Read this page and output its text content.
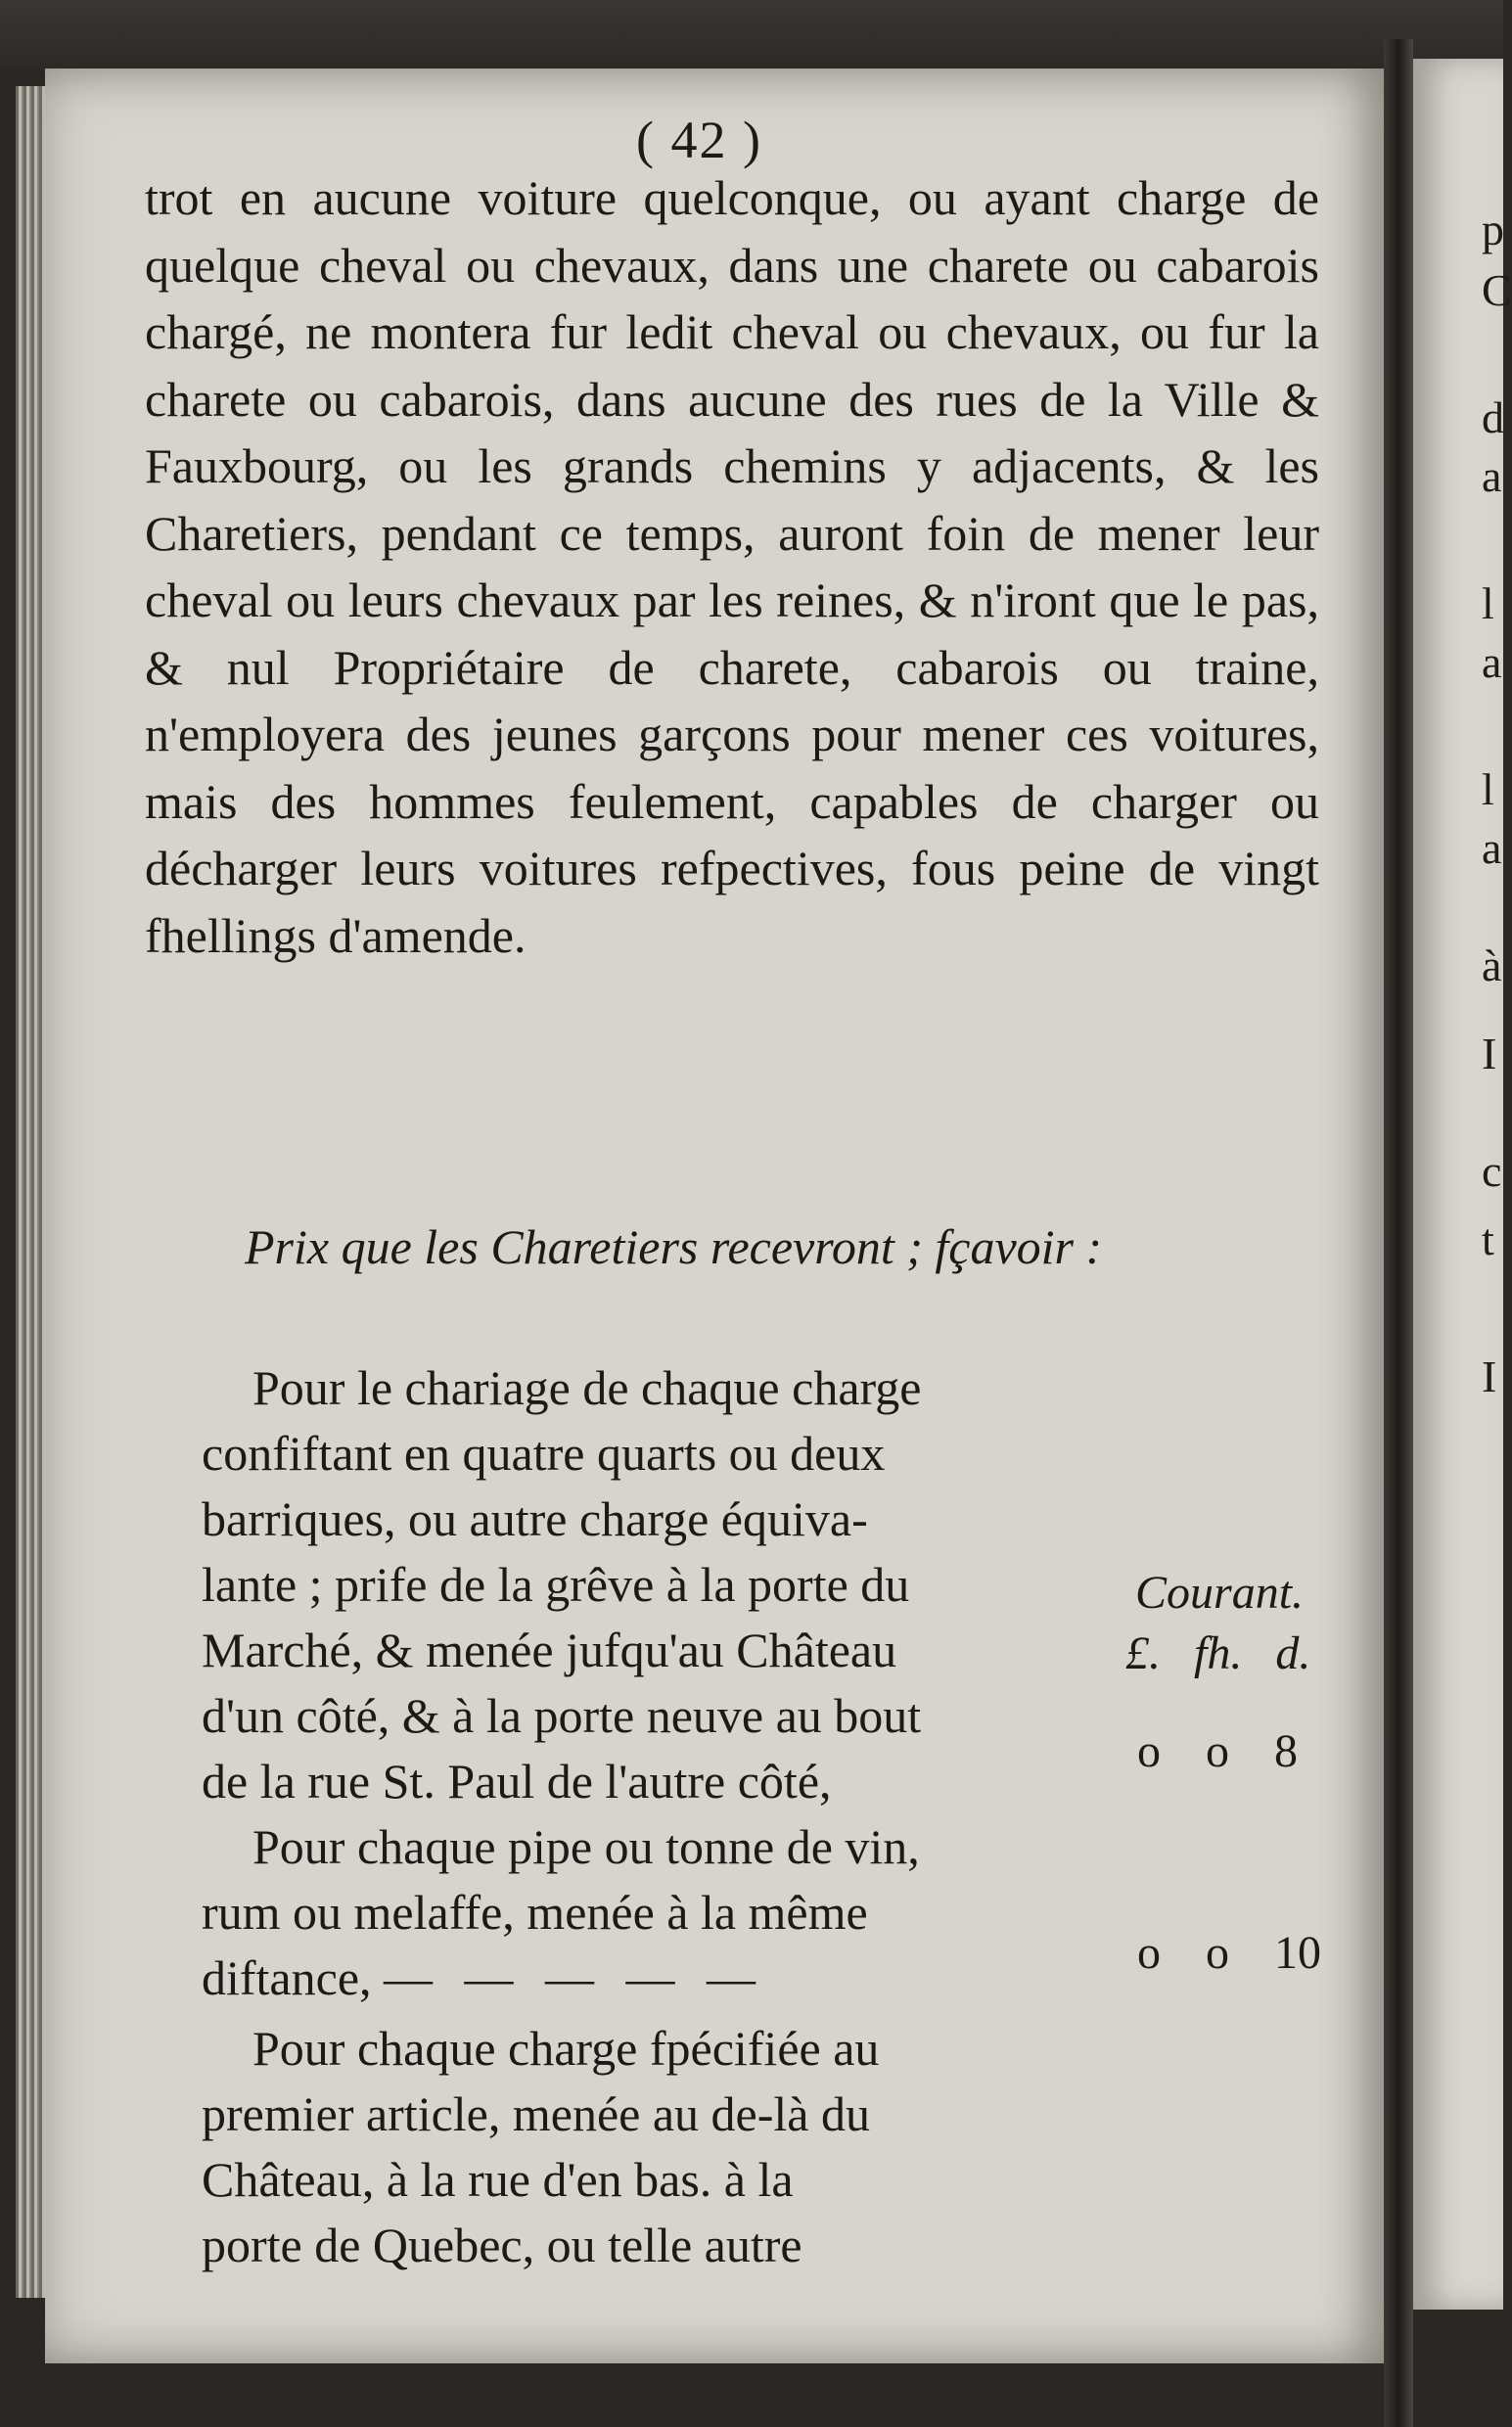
( 42 )

trot en aucune voiture quelconque, ou ayant charge de quelque cheval ou chevaux, dans une charete ou cabarois chargé, ne montera fur ledit cheval ou chevaux, ou fur la charete ou cabarois, dans aucune des rues de la Ville & Fauxbourg, ou les grands chemins y adjacents, & les Charetiers, pendant ce temps, auront foin de mener leur cheval ou leurs chevaux par les reines, & n'iront que le pas, & nul Propriétaire de charete, cabarois ou traine, n'employera des jeunes garçons pour mener ces voitures, mais des hommes feulement, capables de charger ou décharger leurs voitures refpectives, fous peine de vingt fhellings d'amende.

Prix que les Charetiers recevront ; fçavoir :

Courant.
£. fh. d.
Pour le chariage de chaque charge
confiftant en quatre quarts ou deux
barriques, ou autre charge équiva-
lante ; prife de la grêve à la porte du
Marché, & menée jufqu'au Château
d'un côté, & à la porte neuve au bout
de la rue St. Paul de l'autre côté,
o o 8
Pour chaque pipe ou tonne de vin,
rum ou melaffe, menée à la même
diftance, — — — — —	o o 10
Pour chaque charge fpécifiée au
premier article, menée au de-là du
Château, à la rue d'en bas. à la
porte de Quebec, ou telle autre
p
C
d
a
l
a
l
a
à
I
c
t
I
